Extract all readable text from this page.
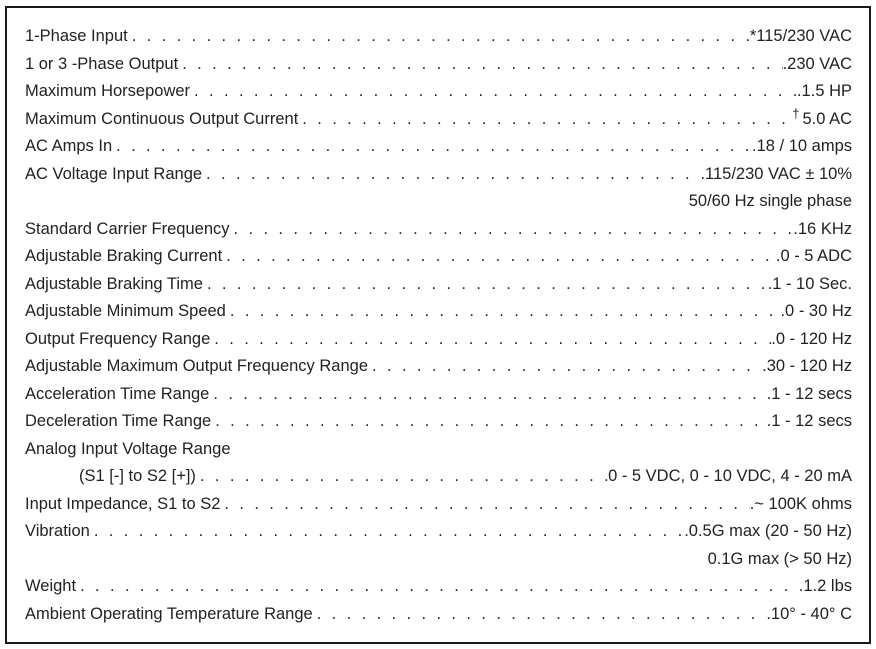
1-Phase Input . . .	*115/230 VAC
1 or 3 -Phase Output . . .	.230 VAC
Maximum Horsepower . . .	.1.5 HP
Maximum Continuous Output Current . . .	† 5.0 AC
AC Amps In . . .	.18 / 10 amps
AC Voltage Input Range . . .	.115/230 VAC ± 10%
50/60 Hz single phase
Standard Carrier Frequency . . .	.16 KHz
Adjustable Braking Current . . .	.0 - 5 ADC
Adjustable Braking Time . . .	.1 - 10 Sec.
Adjustable Minimum Speed . . .	.0 - 30 Hz
Output Frequency Range . . .	.0 - 120 Hz
Adjustable Maximum Output Frequency Range . . .	.30 - 120 Hz
Acceleration Time Range . . .	.1 - 12 secs
Deceleration Time Range . . .	.1 - 12 secs
Analog Input Voltage Range
(S1 [-] to S2 [+]) . . .	0 - 5 VDC, 0 - 10 VDC, 4 - 20 mA
Input Impedance, S1 to S2 . . .	.~ 100K ohms
Vibration . . .	.0.5G max (20 - 50 Hz)
0.1G max (> 50 Hz)
Weight . . .	.1.2 lbs
Ambient Operating Temperature Range . . .	.10° - 40° C
